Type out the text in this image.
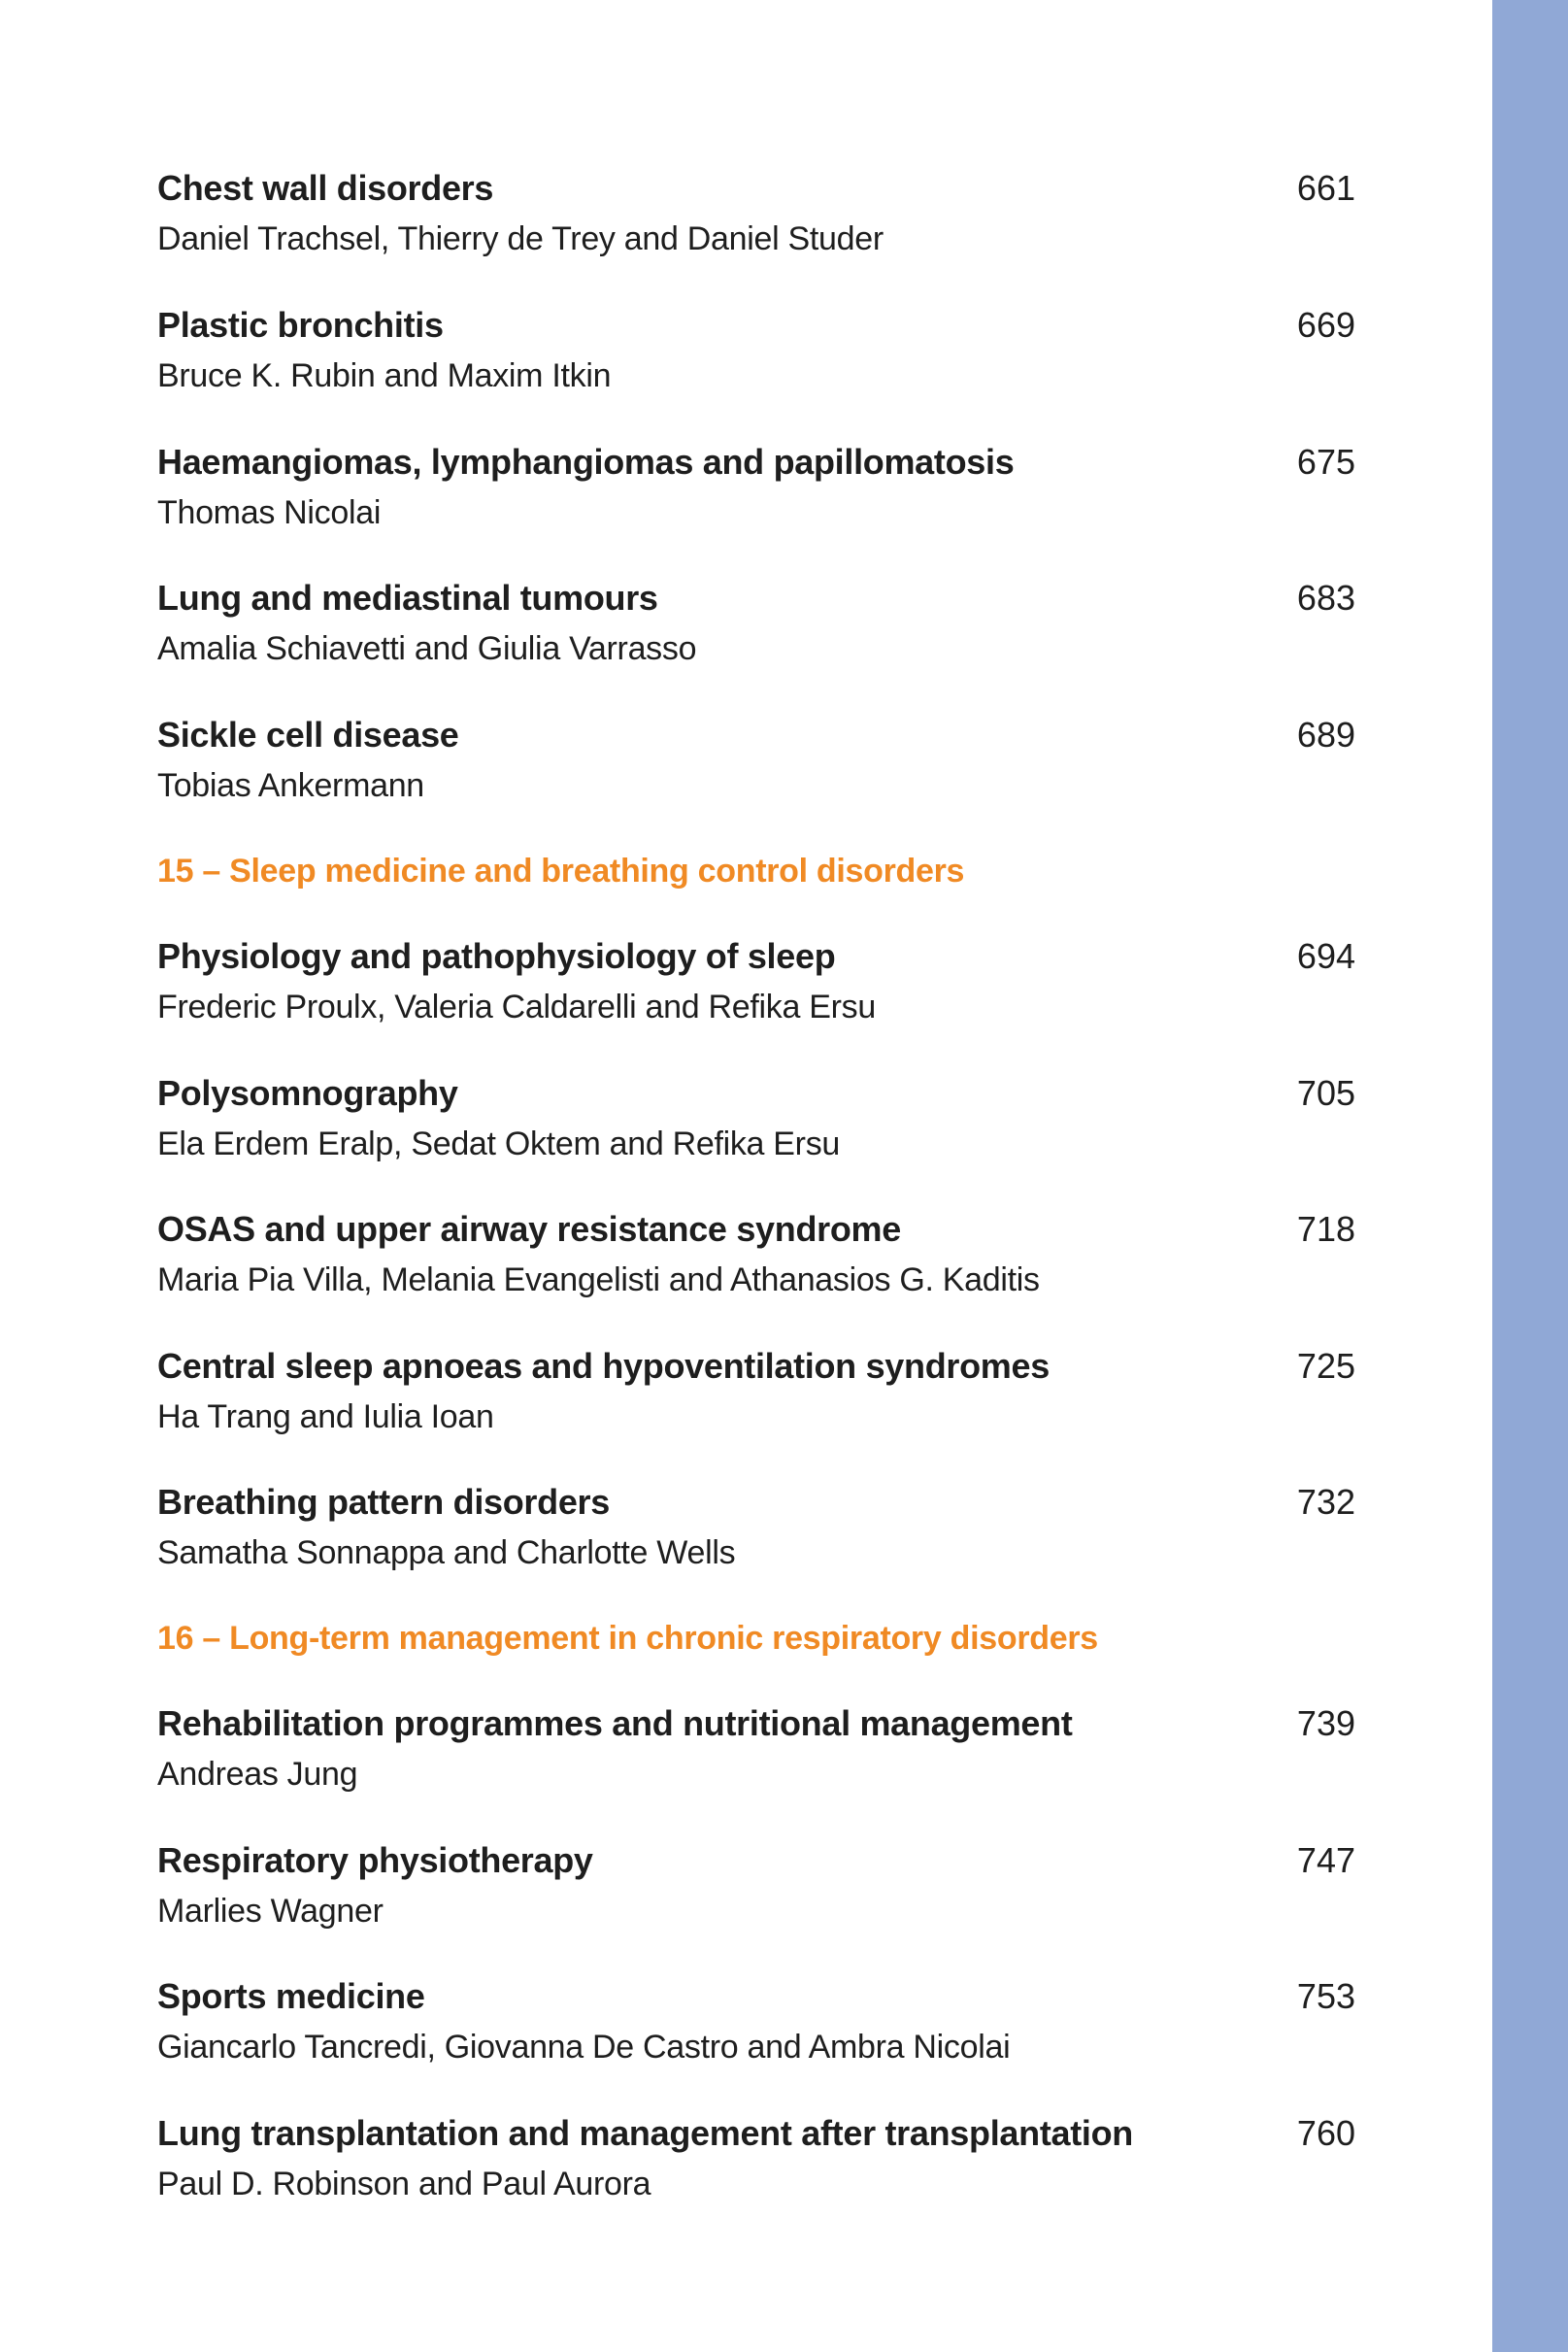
Chest wall disorders	661
Daniel Trachsel, Thierry de Trey and Daniel Studer
Plastic bronchitis	669
Bruce K. Rubin and Maxim Itkin
Haemangiomas, lymphangiomas and papillomatosis	675
Thomas Nicolai
Lung and mediastinal tumours	683
Amalia Schiavetti and Giulia Varrasso
Sickle cell disease	689
Tobias Ankermann
15 – Sleep medicine and breathing control disorders
Physiology and pathophysiology of sleep	694
Frederic Proulx, Valeria Caldarelli and Refika Ersu
Polysomnography	705
Ela Erdem Eralp, Sedat Oktem and Refika Ersu
OSAS and upper airway resistance syndrome	718
Maria Pia Villa, Melania Evangelisti and Athanasios G. Kaditis
Central sleep apnoeas and hypoventilation syndromes	725
Ha Trang and Iulia Ioan
Breathing pattern disorders	732
Samatha Sonnappa and Charlotte Wells
16 – Long-term management in chronic respiratory disorders
Rehabilitation programmes and nutritional management	739
Andreas Jung
Respiratory physiotherapy	747
Marlies Wagner
Sports medicine	753
Giancarlo Tancredi, Giovanna De Castro and Ambra Nicolai
Lung transplantation and management after transplantation	760
Paul D. Robinson and Paul Aurora
